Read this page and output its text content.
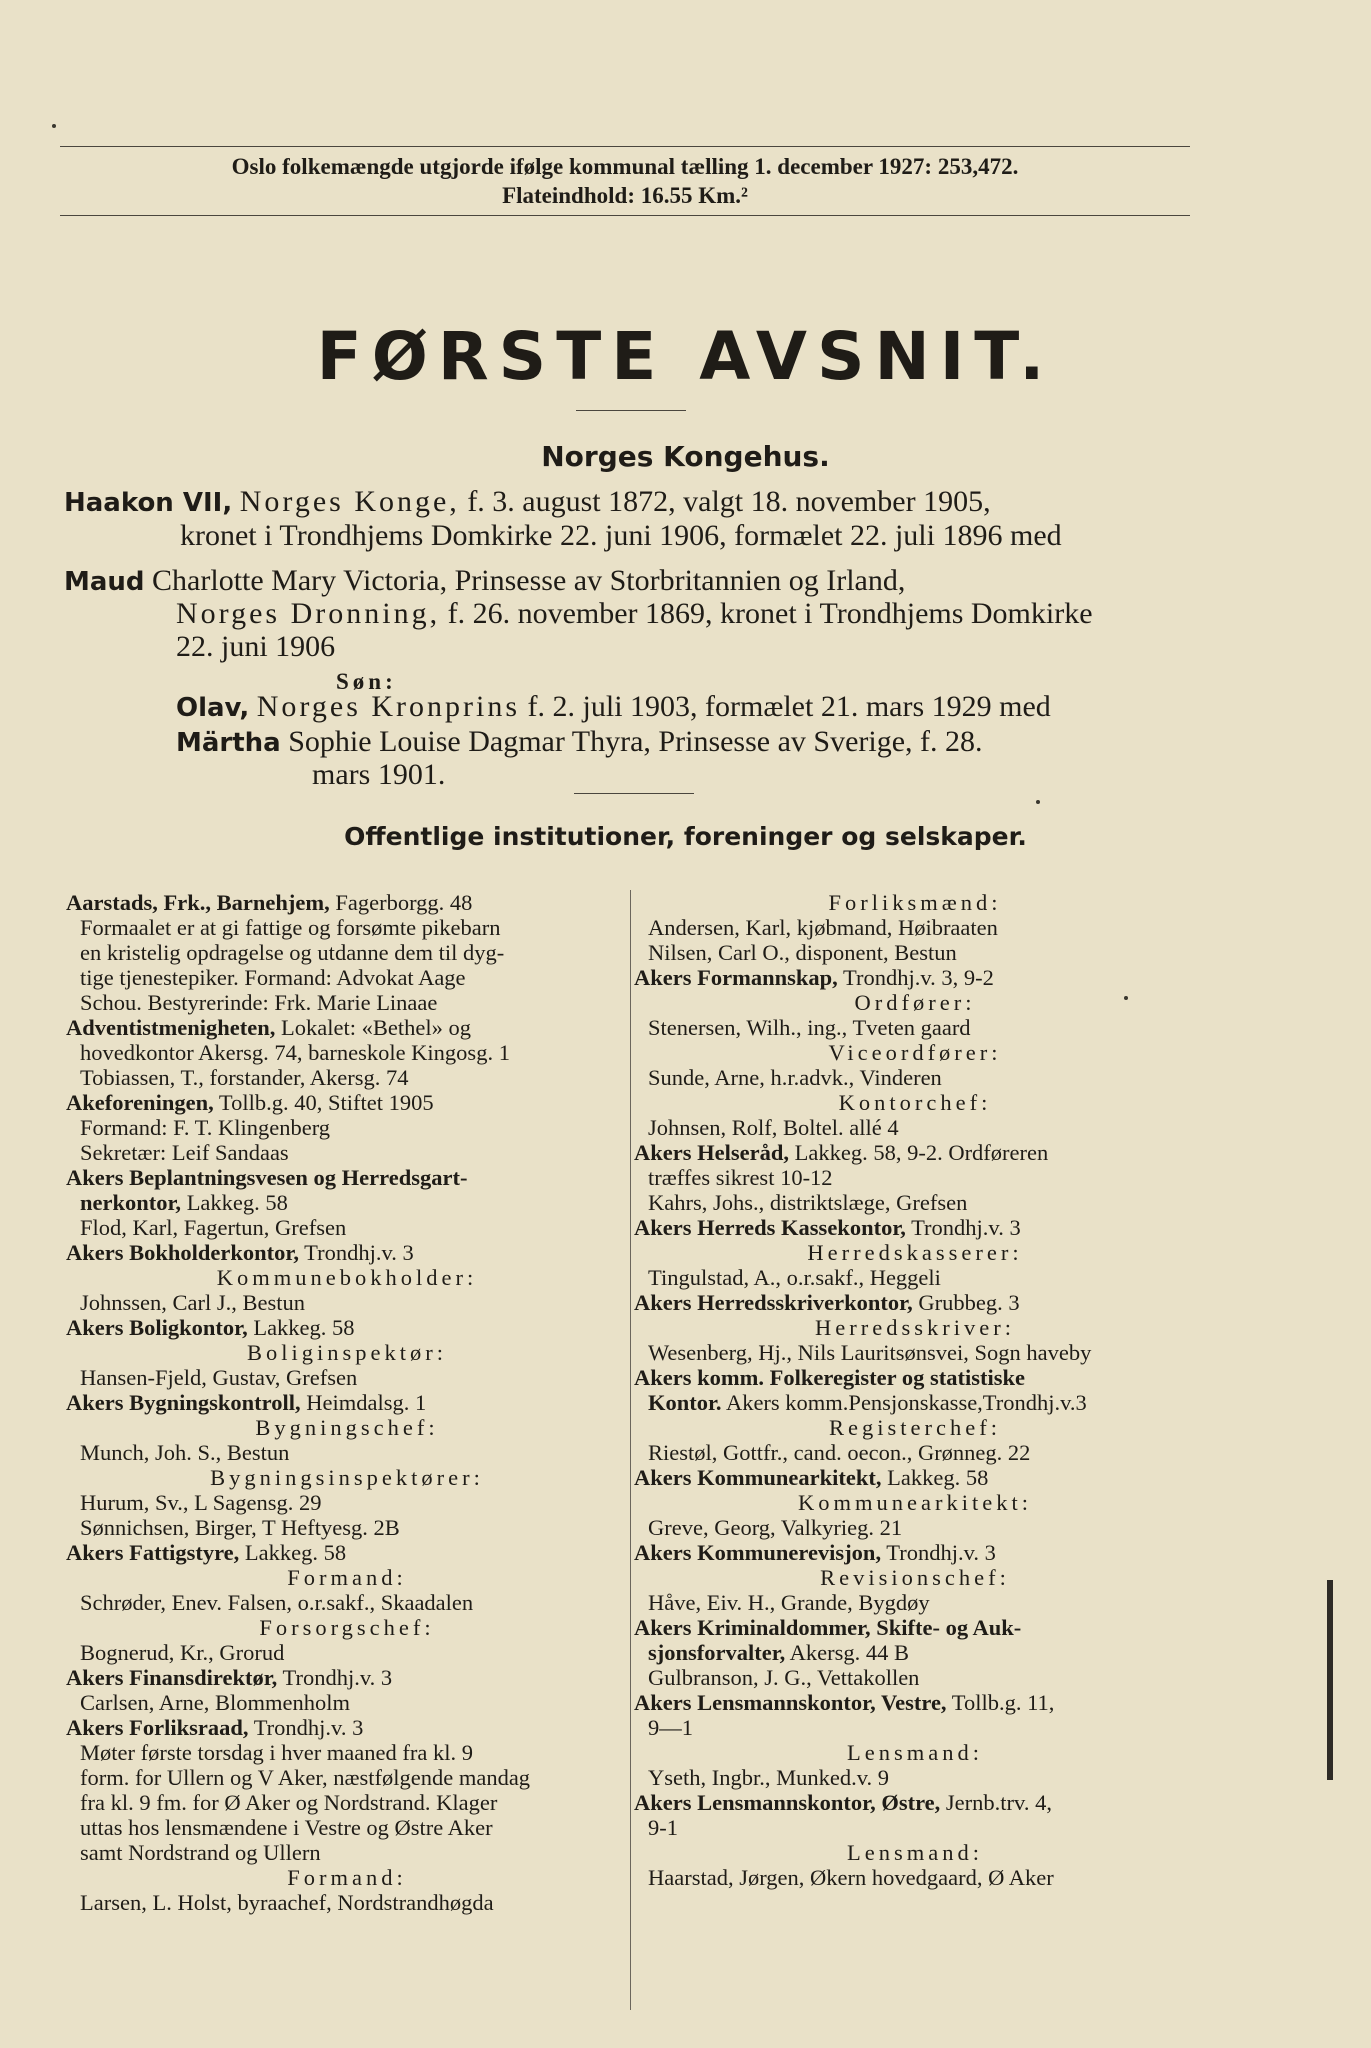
Oslo folkemængde utgjorde ifølge kommunal tælling 1. december 1927: 253,472.
Flateindhold: 16.55 Km.²
FØRSTE AVSNIT.
Norges Kongehus.
Haakon VII, Norges Konge, f. 3. august 1872, valgt 18. november 1905,
kronet i Trondhjems Domkirke 22. juni 1906, formælet 22. juli 1896 med
Maud Charlotte Mary Victoria, Prinsesse av Storbritannien og Irland,
Norges Dronning, f. 26. november 1869, kronet i Trondhjems Domkirke
22. juni 1906
Søn:
Olav, Norges Kronprins f. 2. juli 1903, formælet 21. mars 1929 med
Märtha Sophie Louise Dagmar Thyra, Prinsesse av Sverige, f. 28.
mars 1901.
Offentlige institutioner, foreninger og selskaper.

Aarstads, Frk., Barnehjem, Fagerborgg. 48

Formaalet er at gi fattige og forsømte pikebarn

en kristelig opdragelse og utdanne dem til dyg-

tige tjenestepiker. Formand: Advokat Aage

Schou. Bestyrerinde: Frk. Marie Linaae

Adventistmenigheten, Lokalet: «Bethel» og

hovedkontor Akersg. 74, barneskole Kingosg. 1

Tobiassen, T., forstander, Akersg. 74

Akeforeningen, Tollb.g. 40, Stiftet 1905

Formand: F. T. Klingenberg

Sekretær: Leif Sandaas

Akers Beplantningsvesen og Herredsgart-

nerkontor, Lakkeg. 58

Flod, Karl, Fagertun, Grefsen

Akers Bokholderkontor, Trondhj.v. 3

Kommunebokholder:

Johnssen, Carl J., Bestun

Akers Boligkontor, Lakkeg. 58

Boliginspektør:

Hansen-Fjeld, Gustav, Grefsen

Akers Bygningskontroll, Heimdalsg. 1

Bygningschef:

Munch, Joh. S., Bestun

Bygningsinspektører:

Hurum, Sv., L Sagensg. 29

Sønnichsen, Birger, T Heftyesg. 2B

Akers Fattigstyre, Lakkeg. 58

Formand:

Schrøder, Enev. Falsen, o.r.sakf., Skaadalen

Forsorgschef:

Bognerud, Kr., Grorud

Akers Finansdirektør, Trondhj.v. 3

Carlsen, Arne, Blommenholm

Akers Forliksraad, Trondhj.v. 3

Møter første torsdag i hver maaned fra kl. 9

form. for Ullern og V Aker, næstfølgende mandag

fra kl. 9 fm. for Ø Aker og Nordstrand. Klager

uttas hos lensmændene i Vestre og Østre Aker

samt Nordstrand og Ullern

Formand:

Larsen, L. Holst, byraachef, Nordstrandhøgda

Forliksmænd:

Andersen, Karl, kjøbmand, Høibraaten

Nilsen, Carl O., disponent, Bestun

Akers Formannskap, Trondhj.v. 3, 9-2

Ordfører:

Stenersen, Wilh., ing., Tveten gaard

Viceordfører:

Sunde, Arne, h.r.advk., Vinderen

Kontorchef:

Johnsen, Rolf, Boltel. allé 4

Akers Helseråd, Lakkeg. 58, 9-2. Ordføreren

træffes sikrest 10-12

Kahrs, Johs., distriktslæge, Grefsen

Akers Herreds Kassekontor, Trondhj.v. 3

Herredskasserer:

Tingulstad, A., o.r.sakf., Heggeli

Akers Herredsskriverkontor, Grubbeg. 3

Herredsskriver:

Wesenberg, Hj., Nils Lauritsønsvei, Sogn haveby

Akers komm. Folkeregister og statistiske

Kontor. Akers komm.Pensjonskasse,Trondhj.v.3

Registerchef:

Riestøl, Gottfr., cand. oecon., Grønneg. 22

Akers Kommunearkitekt, Lakkeg. 58

Kommunearkitekt:

Greve, Georg, Valkyrieg. 21

Akers Kommunerevisjon, Trondhj.v. 3

Revisionschef:

Håve, Eiv. H., Grande, Bygdøy

Akers Kriminaldommer, Skifte- og Auk-

sjonsforvalter, Akersg. 44 B

Gulbranson, J. G., Vettakollen

Akers Lensmannskontor, Vestre, Tollb.g. 11,

9—1

Lensmand:

Yseth, Ingbr., Munked.v. 9

Akers Lensmannskontor, Østre, Jernb.trv. 4,

9-1

Lensmand:

Haarstad, Jørgen, Økern hovedgaard, Ø Aker
